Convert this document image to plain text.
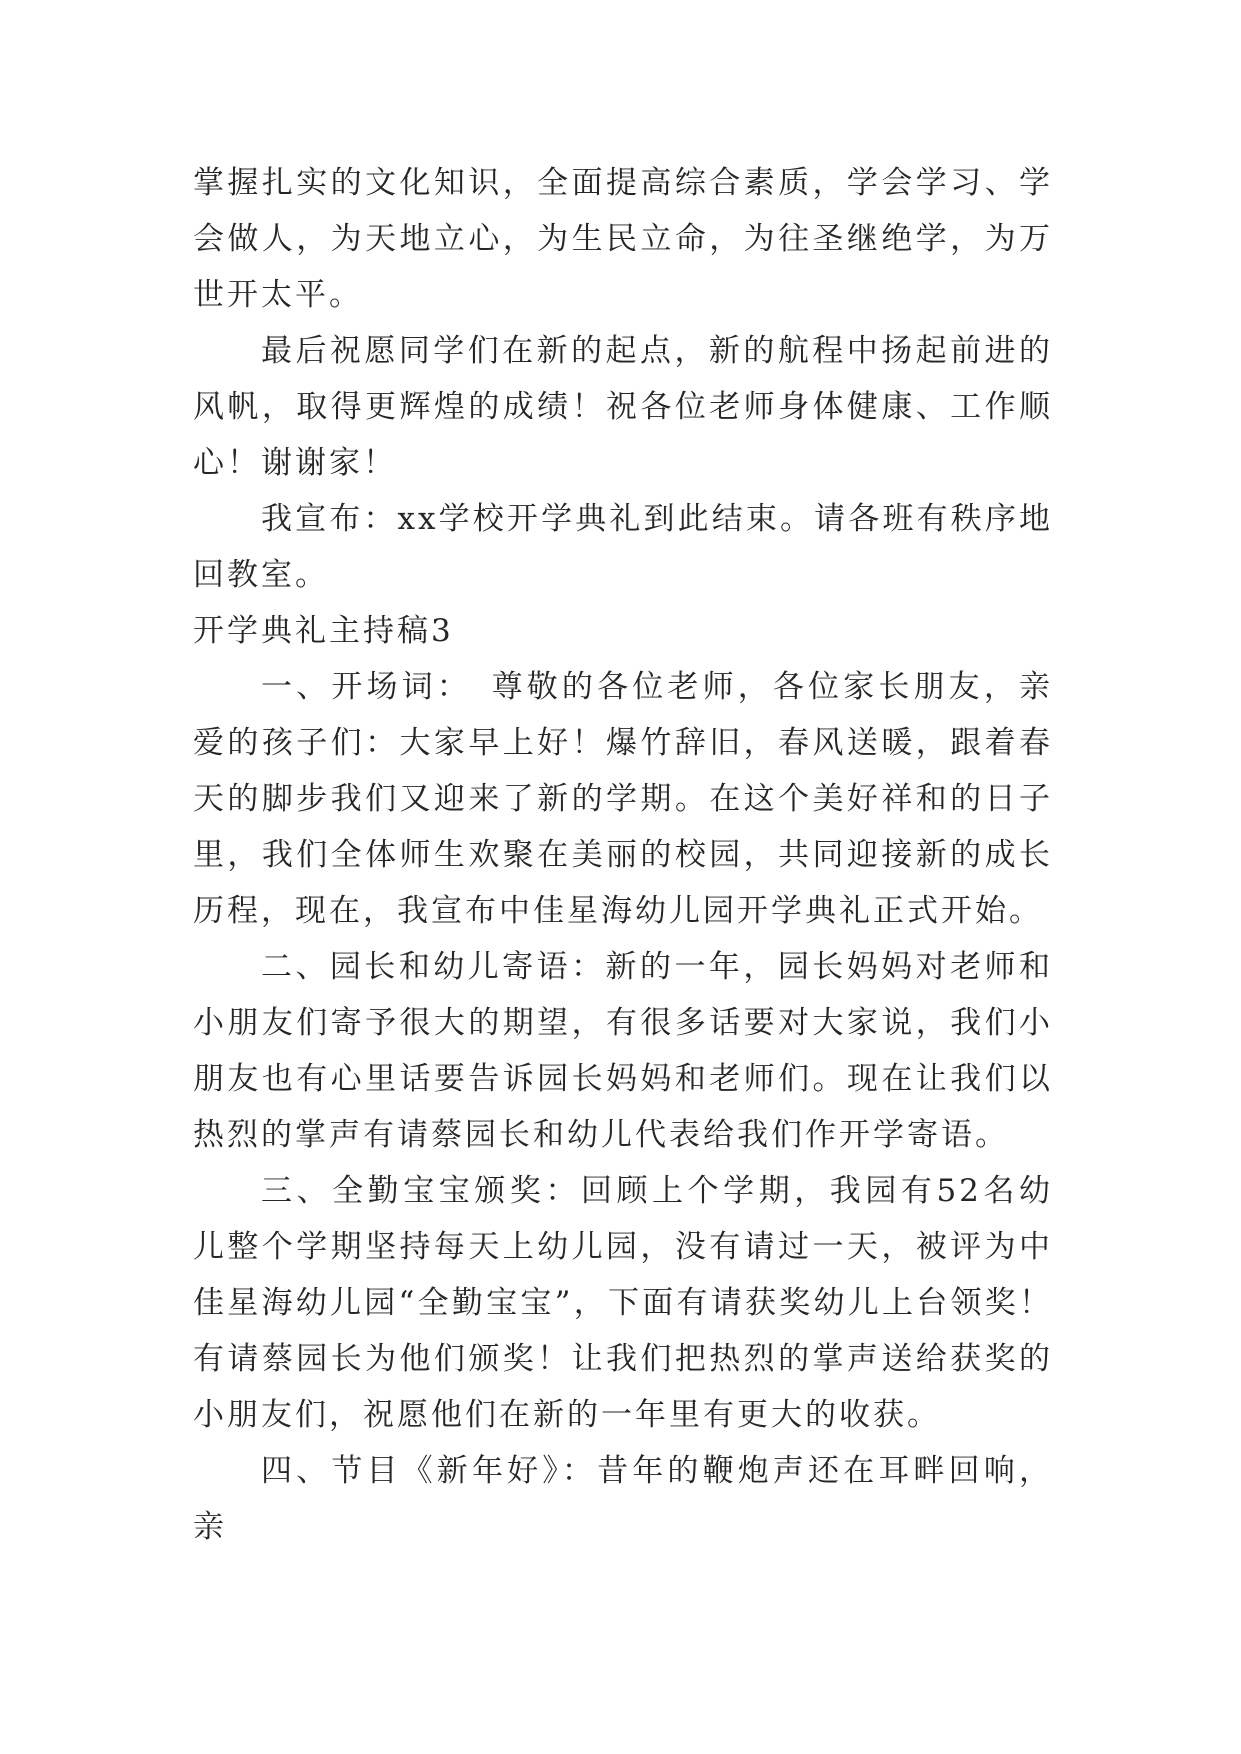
掌握扎实的文化知识，全面提高综合素质，学会学习、学会做人，为天地立心，为生民立命，为往圣继绝学，为万世开太平。

最后祝愿同学们在新的起点，新的航程中扬起前进的风帆，取得更辉煌的成绩！祝各位老师身体健康、工作顺心！谢谢家！

我宣布：xx学校开学典礼到此结束。请各班有秩序地回教室。

开学典礼主持稿3

一、开场词：　尊敬的各位老师，各位家长朋友，亲爱的孩子们：大家早上好！爆竹辞旧，春风送暖，跟着春天的脚步我们又迎来了新的学期。在这个美好祥和的日子里，我们全体师生欢聚在美丽的校园，共同迎接新的成长历程，现在，我宣布中佳星海幼儿园开学典礼正式开始。

二、园长和幼儿寄语：新的一年，园长妈妈对老师和小朋友们寄予很大的期望，有很多话要对大家说，我们小朋友也有心里话要告诉园长妈妈和老师们。现在让我们以热烈的掌声有请蔡园长和幼儿代表给我们作开学寄语。

三、全勤宝宝颁奖：回顾上个学期，我园有52名幼儿整个学期坚持每天上幼儿园，没有请过一天，被评为中佳星海幼儿园“全勤宝宝”，下面有请获奖幼儿上台领奖！有请蔡园长为他们颁奖！让我们把热烈的掌声送给获奖的小朋友们，祝愿他们在新的一年里有更大的收获。

四、节目《新年好》：昔年的鞭炮声还在耳畔回响，亲
